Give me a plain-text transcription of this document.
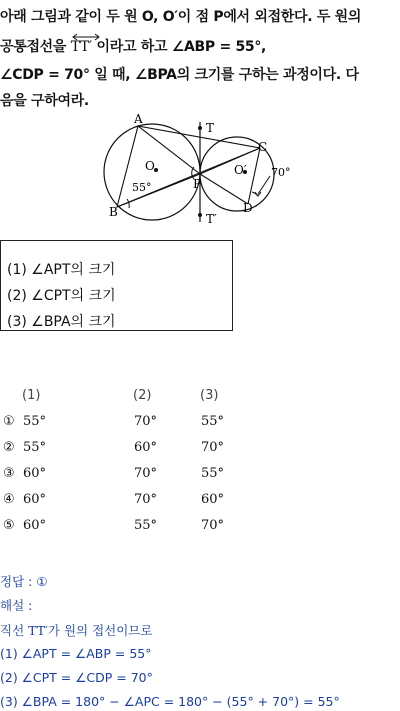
아래 그림과 같이 두 원 O, O′이 점 P에서 외접한다. 두 원의
공통접선을 TT′ 이라고 하고 ∠ABP = 55°,
∠CDP = 70° 일 때, ∠BPA의 크기를 구하는 과정이다. 다
음을 구하여라.
A
B
C
D
P
O	O′
T
T′
55°
70°
(1) ∠APT의 크기
(2) ∠CPT의 크기
(3) ∠BPA의 크기
(1)	(2)	(3)
① 55°	70°	55°
② 55°	60°	70°
③ 60°	70°	55°
④ 60°	70°	60°
⑤ 60°	55°	70°
정답 : ①
해설 :
직선 TT′가 원의 접선이므로
(1) ∠APT = ∠ABP = 55°
(2) ∠CPT = ∠CDP = 70°
(3) ∠BPA = 180° − ∠APC = 180° − (55° + 70°) = 55°
